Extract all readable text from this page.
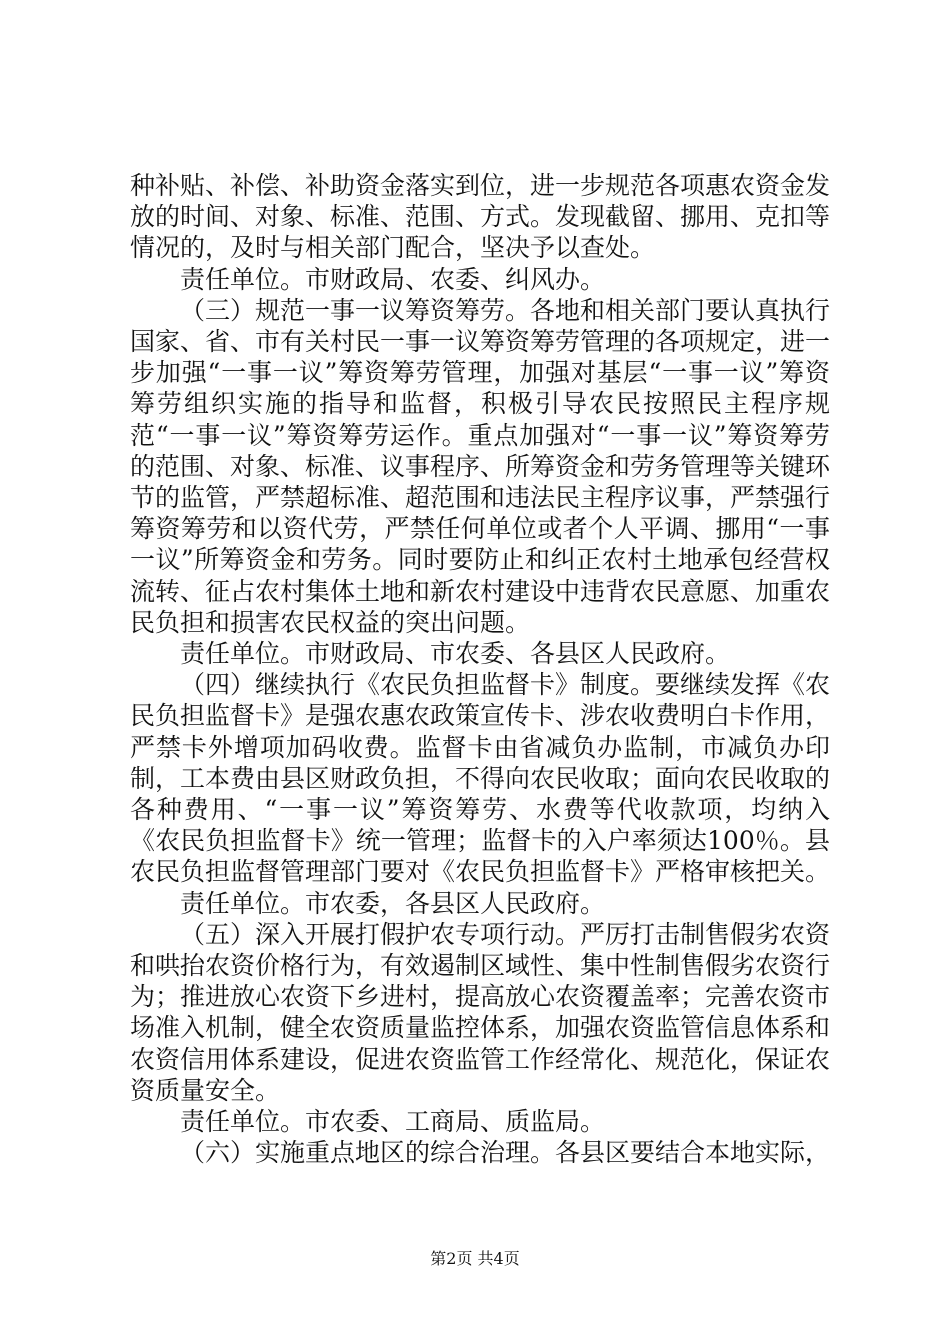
种补贴、补偿、补助资金落实到位，进一步规范各项惠农资金发放的时间、对象、标准、范围、方式。发现截留、挪用、克扣等情况的，及时与相关部门配合，坚决予以查处。

责任单位。市财政局、农委、纠风办。

（三）规范一事一议筹资筹劳。各地和相关部门要认真执行国家、省、市有关村民一事一议筹资筹劳管理的各项规定，进一步加强“一事一议”筹资筹劳管理，加强对基层“一事一议”筹资筹劳组织实施的指导和监督，积极引导农民按照民主程序规范“一事一议”筹资筹劳运作。重点加强对“一事一议”筹资筹劳的范围、对象、标准、议事程序、所筹资金和劳务管理等关键环节的监管，严禁超标准、超范围和违法民主程序议事，严禁强行筹资筹劳和以资代劳，严禁任何单位或者个人平调、挪用“一事一议”所筹资金和劳务。同时要防止和纠正农村土地承包经营权流转、征占农村集体土地和新农村建设中违背农民意愿、加重农民负担和损害农民权益的突出问题。

责任单位。市财政局、市农委、各县区人民政府。

（四）继续执行《农民负担监督卡》制度。要继续发挥《农民负担监督卡》是强农惠农政策宣传卡、涉农收费明白卡作用，严禁卡外增项加码收费。监督卡由省减负办监制，市减负办印制，工本费由县区财政负担，不得向农民收取；面向农民收取的各种费用、“一事一议”筹资筹劳、水费等代收款项，均纳入《农民负担监督卡》统一管理；监督卡的入户率须达100％。县农民负担监督管理部门要对《农民负担监督卡》严格审核把关。

责任单位。市农委，各县区人民政府。

（五）深入开展打假护农专项行动。严厉打击制售假劣农资和哄抬农资价格行为，有效遏制区域性、集中性制售假劣农资行为；推进放心农资下乡进村，提高放心农资覆盖率；完善农资市场准入机制，健全农资质量监控体系，加强农资监管信息体系和农资信用体系建设，促进农资监管工作经常化、规范化，保证农资质量安全。

责任单位。市农委、工商局、质监局。

（六）实施重点地区的综合治理。各县区要结合本地实际，

第2页 共4页
